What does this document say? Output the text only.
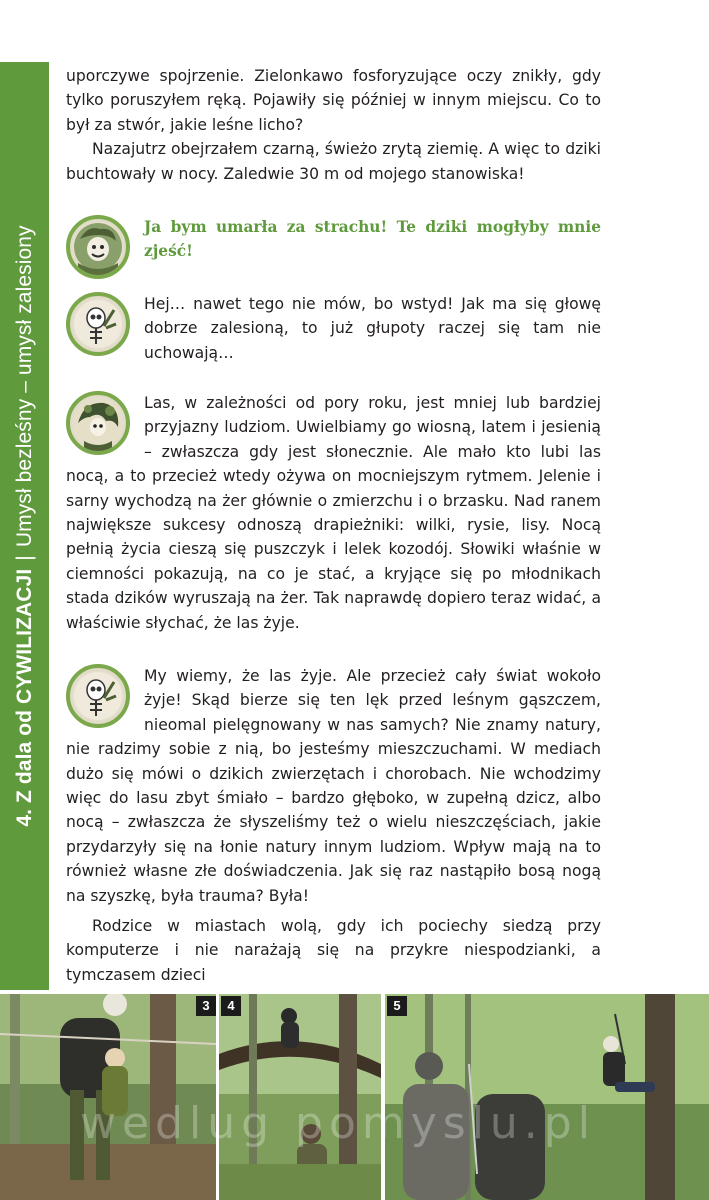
4. Z dala od CYWILIZACJI|Umysł bezleśny – umysł zalesiony

uporczywe spojrzenie. Zielonkawo fosforyzujące oczy znikły, gdy tylko poruszyłem ręką. Pojawiły się później w innym miejscu. Co to był za stwór, jakie leśne licho?

Nazajutrz obejrzałem czarną, świeżo zrytą ziemię. A więc to dziki buchtowały w nocy. Zaledwie 30 m od mojego stanowiska!

Ja bym umarła za strachu! Te dziki mogłyby mnie zjeść!
Hej… nawet tego nie mów, bo wstyd! Jak ma się głowę dobrze zalesioną, to już głupoty raczej się tam nie uchowają…
Las, w zależności od pory roku, jest mniej lub bardziej przyjazny ludziom. Uwielbiamy go wiosną, latem i jesienią – zwłaszcza gdy jest słonecznie. Ale mało kto lubi las nocą, a to przecież wtedy ożywa on mocniejszym rytmem. Jelenie i sarny wychodzą na żer głównie o zmierzchu i o brzasku. Nad ranem największe sukcesy odnoszą drapieżniki: wilki, rysie, lisy. Nocą pełnią życia cieszą się puszczyk i lelek kozodój. Słowiki właśnie w ciemności pokazują, na co je stać, a kryjące się po młodnikach stada dzików wyruszają na żer. Tak naprawdę dopiero teraz widać, a właściwie słychać, że las żyje.
My wiemy, że las żyje. Ale przecież cały świat wokoło żyje! Skąd bierze się ten lęk przed leśnym gąszczem, nieomal pielęgnowany w nas samych? Nie znamy natury, nie radzimy sobie z nią, bo jesteśmy mieszczuchami. W mediach dużo się mówi o dzikich zwierzętach i chorobach. Nie wchodzimy więc do lasu zbyt śmiało – bardzo głęboko, w zupełną dzicz, albo nocą – zwłaszcza że słyszeliśmy też o wielu nieszczęściach, jakie przydarzyły się na łonie natury innym ludziom. Wpływ mają na to również własne złe doświadczenia. Jak się raz nastąpiło bosą nogą na szyszkę, była trauma? Była!

Rodzice w miastach wolą, gdy ich pociechy siedzą przy komputerze i nie narażają się na przykre niespodzianki, a tymczasem dzieci

3	4	5
wedlug pomyslu.pl
